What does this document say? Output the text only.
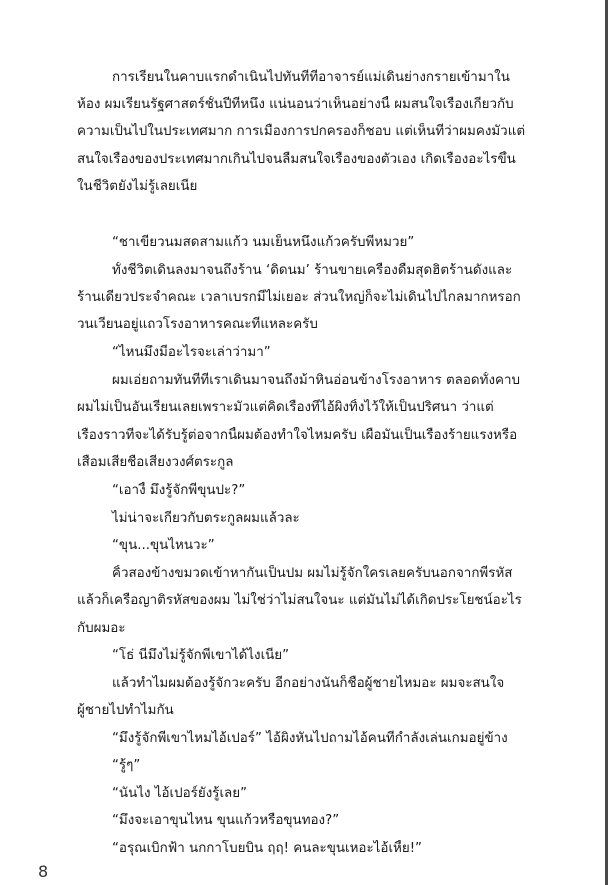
การเรียนในคาบแรกดำเนินไปทันทีที่อาจารย์แม่เดินย่างกรายเข้ามาใน
ห้อง ผมเรียนรัฐศาสตร์ชั้นปีที่หนึ่ง แน่นอนว่าเห็นอย่างนี้ ผมสนใจเรื่องเกี่ยวกับ
ความเป็นไปในประเทศมาก การเมืองการปกครองก็ชอบ แต่เห็นทีว่าผมคงมัวแต่
สนใจเรื่องของประเทศมากเกินไปจนลืมสนใจเรื่องของตัวเอง เกิดเรื่องอะไรขึ้น
ในชีวิตยังไม่รู้เลยเนี่ย
“ชาเขียวนมสดสามแก้ว นมเย็นหนึ่งแก้วครับพี่หมวย”
ทั้งชีวิตเดินลงมาจนถึงร้าน ‘ดิดนม’ ร้านขายเครื่องดื่มสุดฮิตร้านดังและ
ร้านเดียวประจำคณะ เวลาเบรกมีไม่เยอะ ส่วนใหญ่ก็จะไม่เดินไปไกลมากหรอก
วนเวียนอยู่แถวโรงอาหารคณะที่แหละครับ
“ไหนมึงมีอะไรจะเล่าว่ามา”
ผมเอ่ยถามทันทีที่เราเดินมาจนถึงม้าหินอ่อนข้างโรงอาหาร ตลอดทั้งคาบ
ผมไม่เป็นอันเรียนเลยเพราะมัวแต่คิดเรื่องที่ไอ้ผิงทิ้งไว้ให้เป็นปริศนา ว่าแต่
เรื่องราวที่จะได้รับรู้ต่อจากนี้ผมต้องทำใจไหมครับ เผื่อมันเป็นเรื่องร้ายแรงหรือ
เสื่อมเสียชื่อเสียงวงศ์ตระกูล
“เอางี้ มึงรู้จักพี่ขุนปะ?”
ไม่น่าจะเกี่ยวกับตระกูลผมแล้วละ
“ขุน...ขุนไหนวะ”
คิ้วสองข้างขมวดเข้าหากันเป็นปม ผมไม่รู้จักใครเลยครับนอกจากพี่รหัส
แล้วก็เครือญาติรหัสของผม ไม่ใช่ว่าไม่สนใจนะ แต่มันไม่ได้เกิดประโยชน์อะไร
กับผมอะ
“โธ่ นี่มึงไม่รู้จักพี่เขาได้ไงเนี่ย”
แล้วทำไมผมต้องรู้จักวะครับ อีกอย่างนั่นก็ชื่อผู้ชายไหมอะ ผมจะสนใจ
ผู้ชายไปทำไมกัน
“มึงรู้จักพี่เขาไหมไอ้เปอร์” ไอ้ผิงหันไปถามไอ้คนที่กำลังเล่นเกมอยู่ข้าง
“รู้ๆ”
“นั่นไง ไอ้เปอร์ยังรู้เลย”
“มึงจะเอาขุนไหน ขุนแก้วหรือขุนทอง?”
“อรุณเบิกฟ้า นกกาโบยบิน ฤฤ! คนละขุนเหอะไอ้เหี้ย!”
8
